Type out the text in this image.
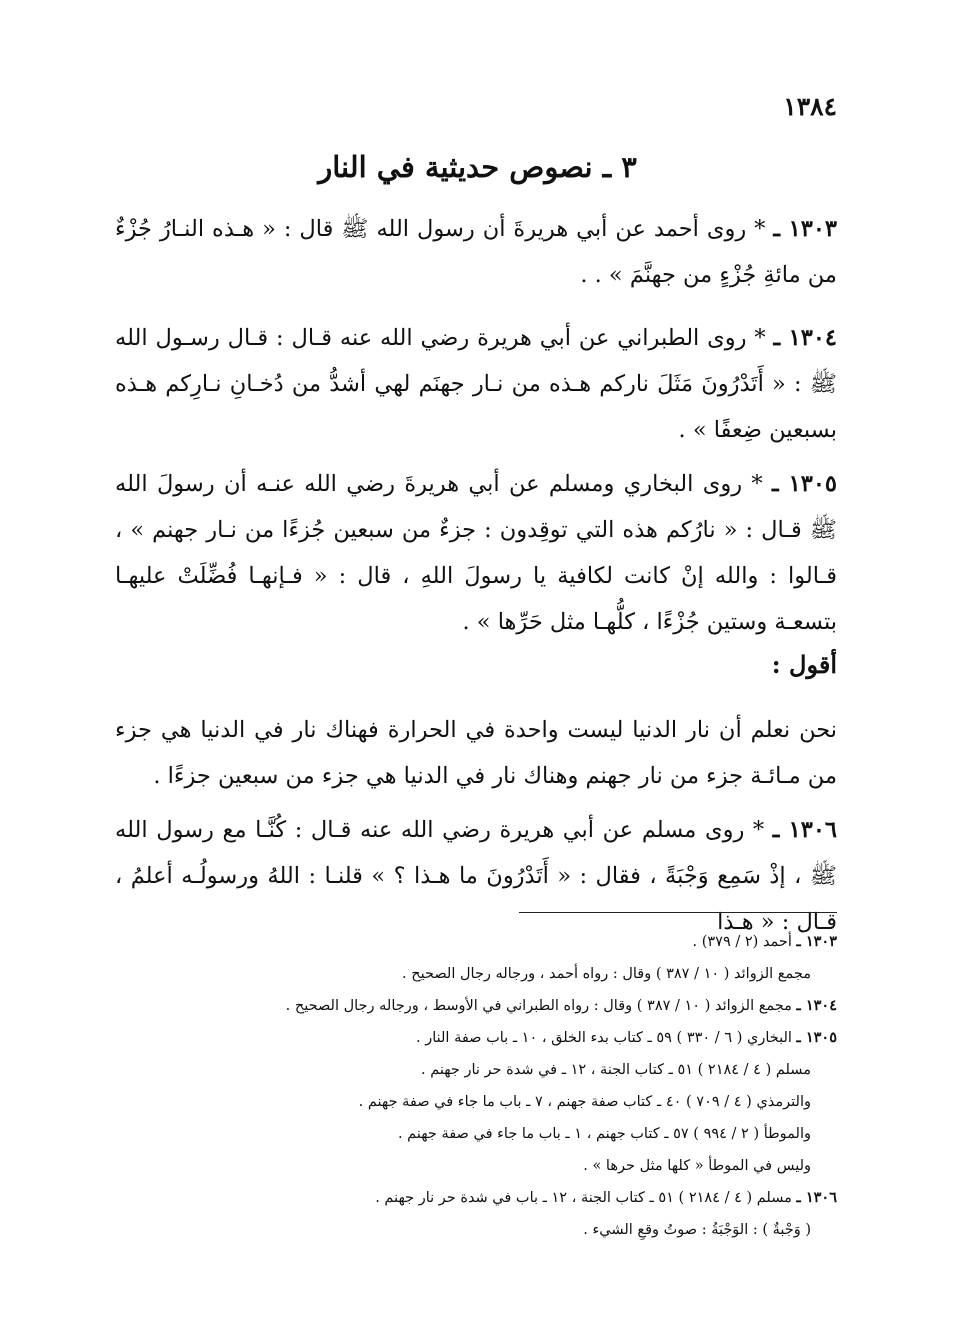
١٣٨٤
٣ ـ نصوص حديثية في النار

١٣٠٣ ـ * روى أحمد عن أبي هريرةَ أن رسول الله ﷺ قال : « هـذه النـارُ جُزْءٌ من مائةِ جُزْءٍ من جهنَّمَ » . .

١٣٠٤ ـ * روى الطبراني عن أبي هريرة رضي الله عنه قـال : قـال رسـول الله ﷺ : « أَتَدْرُونَ مَثَلَ ناركم هـذه من نـار جهنَم لهي أشدُّ من دُخـانِ نـارِكم هـذه بسبعين ضِعفًا » .

١٣٠٥ ـ * روى البخاري ومسلم عن أبي هريرةَ رضي الله عنـه أن رسولَ الله ﷺ قـال : « نارُكم هذه التي توقِدون : جزءٌ من سبعين جُزءًا من نـار جهنم » ، قـالوا : والله إنْ كانت لكافية يا رسولَ اللهِ ، قال : « فـإنهـا فُضِّلَتْ عليهـا بتسعـة وستين جُزْءًا ، كلُّهـا مثل حَرِّها » .

أقول :

نحن نعلم أن نار الدنيا ليست واحدة في الحرارة فهناك نار في الدنيا هي جزء من مـائـة جزء من نار جهنم وهناك نار في الدنيا هي جزء من سبعين جزءًا .

١٣٠٦ ـ * روى مسلم عن أبي هريرة رضي الله عنه قـال : كُنَّـا مع رسول الله ﷺ ، إذْ سَمِع وَجْبَةً ، فقال : « أَتَدْرُونَ ما هـذا ؟ » قلنـا : اللهُ ورسولُـه أعلمُ ، قـال : « هـذا

١٣٠٣ ـ أحمد (٢ / ٣٧٩) .
مجمع الزوائد ( ١٠ / ٣٨٧ ) وقال : رواه أحمد ، ورجاله رجال الصحيح .
١٣٠٤ ـ مجمع الزوائد ( ١٠ / ٣٨٧ ) وقال : رواه الطبراني في الأوسط ، ورجاله رجال الصحيح .
١٣٠٥ ـ البخاري ( ٦ / ٣٣٠ ) ٥٩ ـ كتاب بدء الخلق ، ١٠ ـ باب صفة النار .
مسلم ( ٤ / ٢١٨٤ ) ٥١ ـ كتاب الجنة ، ١٢ ـ في شدة حر نار جهنم .
والترمذي ( ٤ / ٧٠٩ ) ٤٠ ـ كتاب صفة جهنم ، ٧ ـ باب ما جاء في صفة جهنم .
والموطأ ( ٢ / ٩٩٤ ) ٥٧ ـ كتاب جهنم ، ١ ـ باب ما جاء في صفة جهنم .
وليس في الموطأ « كلها مثل حرها » .
١٣٠٦ ـ مسلم ( ٤ / ٢١٨٤ ) ٥١ ـ كتاب الجنة ، ١٢ ـ باب في شدة حر نار جهنم .
( وَجْبةٌ ) : الوَجْبَةُ : صوتُ وقعِ الشيء .
